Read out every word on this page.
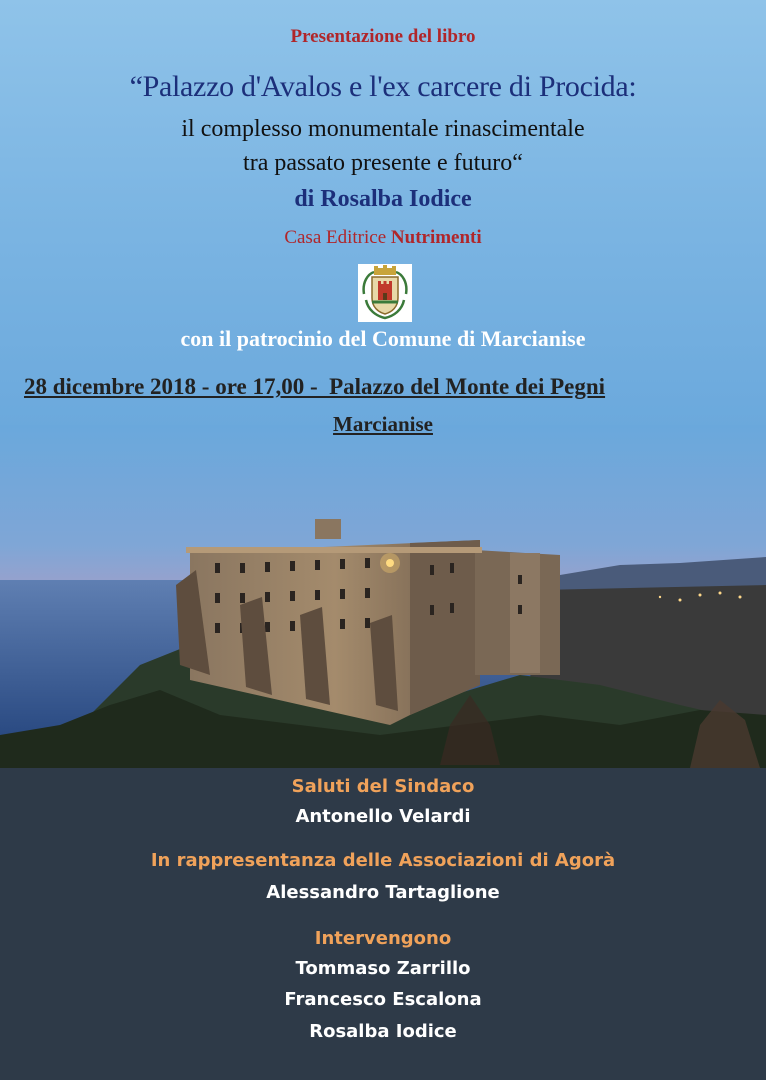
Presentazione del libro

“Palazzo d'Avalos e l'ex carcere di Procida:

il complesso monumentale rinascimentale

tra passato presente e futuro“

di Rosalba Iodice

Casa Editrice Nutrimenti

con il patrocinio del Comune di Marcianise

28 dicembre 2018 - ore 17,00 -  Palazzo del Monte dei Pegni
Marcianise

Saluti del Sindaco

Antonello Velardi

In rappresentanza delle Associazioni di Agorà

Alessandro Tartaglione

Intervengono

Tommaso Zarrillo

Francesco Escalona

Rosalba Iodice
